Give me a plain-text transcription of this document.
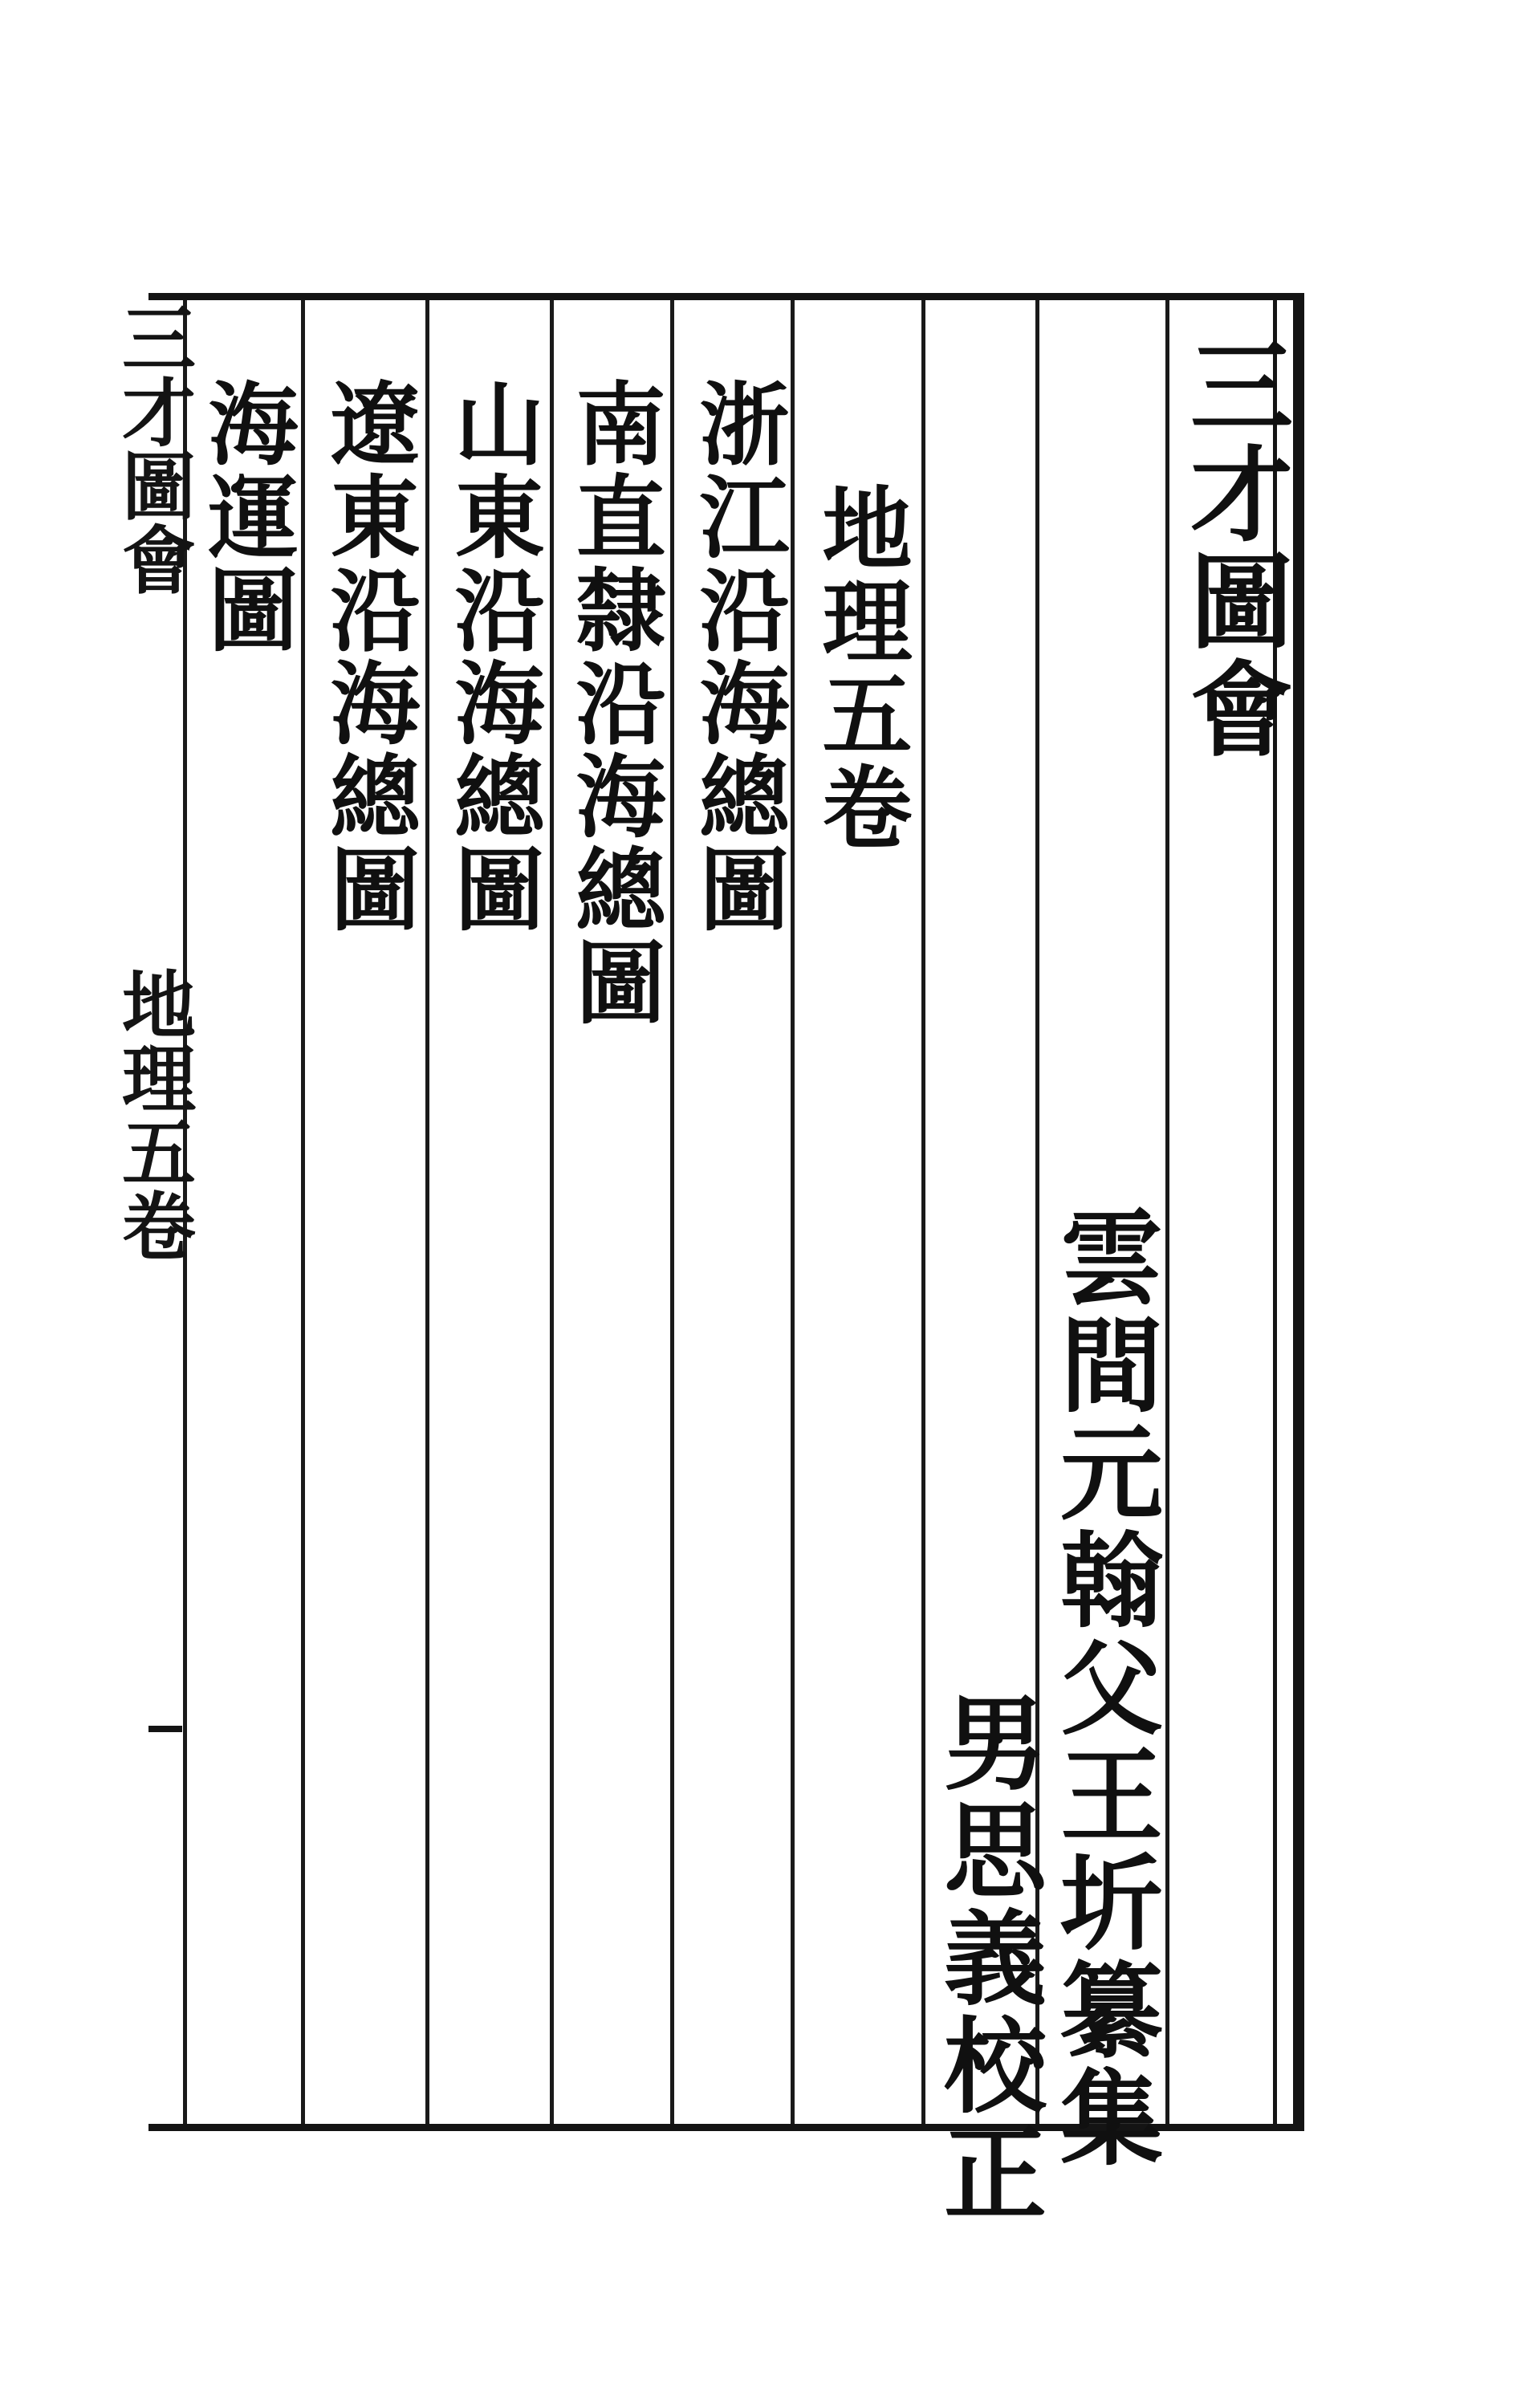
三才圖會
雲間元翰父王圻纂集
男思義校正
地理五卷
浙江沿海總圖
南直隸沿海總圖
山東沿海總圖
遼東沿海總圖
海運圖
三才圖會
地理五卷
